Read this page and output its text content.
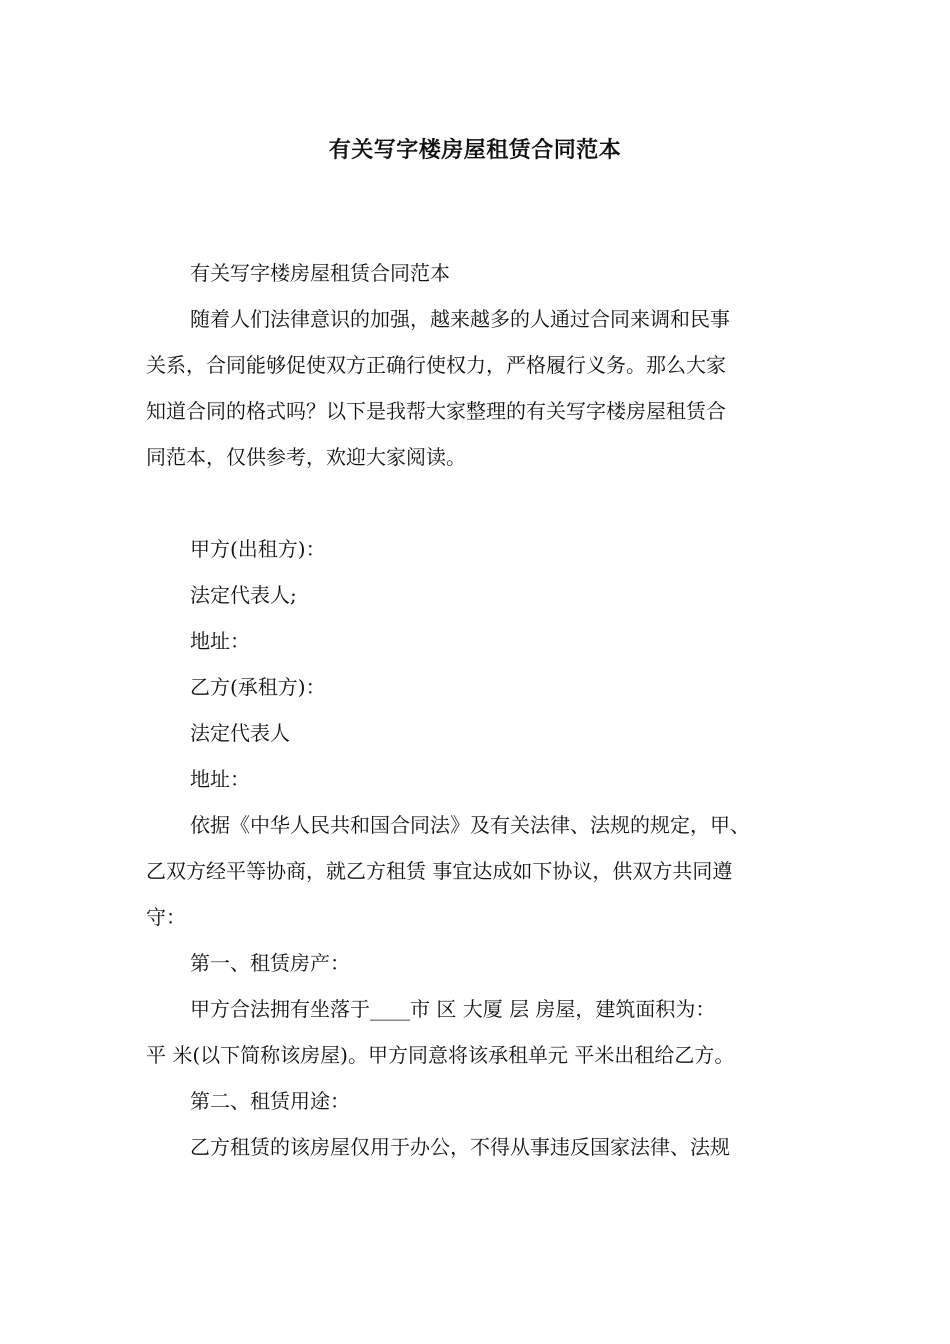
有关写字楼房屋租赁合同范本
有关写字楼房屋租赁合同范本
随着人们法律意识的加强，越来越多的人通过合同来调和民事
关系，合同能够促使双方正确行使权力，严格履行义务。那么大家
知道合同的格式吗？以下是我帮大家整理的有关写字楼房屋租赁合
同范本，仅供参考，欢迎大家阅读。
甲方(出租方)：
法定代表人;
地址：
乙方(承租方)：
法定代表人
地址：
依据《中华人民共和国合同法》及有关法律、法规的规定，甲、
乙双方经平等协商，就乙方租赁 事宜达成如下协议，供双方共同遵
守：
第一、租赁房产：
甲方合法拥有坐落于____市 区 大厦 层 房屋，建筑面积为：
平 米(以下简称该房屋)。甲方同意将该承租单元 平米出租给乙方。
第二、租赁用途：
乙方租赁的该房屋仅用于办公，不得从事违反国家法律、法规
